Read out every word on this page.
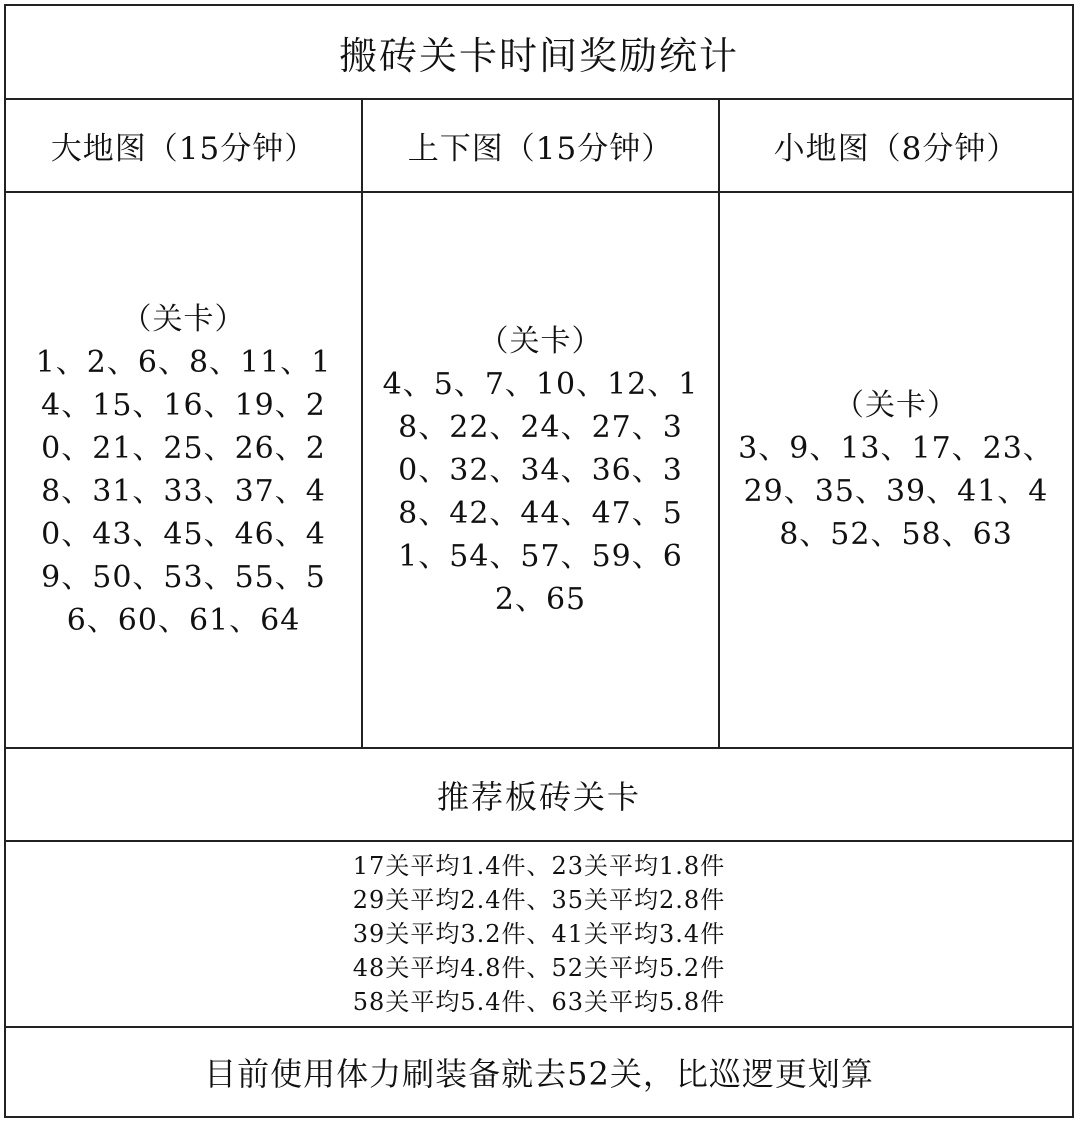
搬砖关卡时间奖励统计
大地图（15分钟）	上下图（15分钟）	小地图（8分钟）
（关卡）
1、2、6、8、11、14、15、16、19、20、21、25、26、28、31、33、37、40、43、45、46、49、50、53、55、56、60、61、64
（关卡）
4、5、7、10、12、18、22、24、27、30、32、34、36、38、42、44、47、51、54、57、59、62、65
（关卡）
3、9、13、17、23、29、35、39、41、48、52、58、63
推荐板砖关卡
17关平均1.4件、23关平均1.8件
29关平均2.4件、35关平均2.8件
39关平均3.2件、41关平均3.4件
48关平均4.8件、52关平均5.2件
58关平均5.4件、63关平均5.8件
目前使用体力刷装备就去52关，比巡逻更划算
